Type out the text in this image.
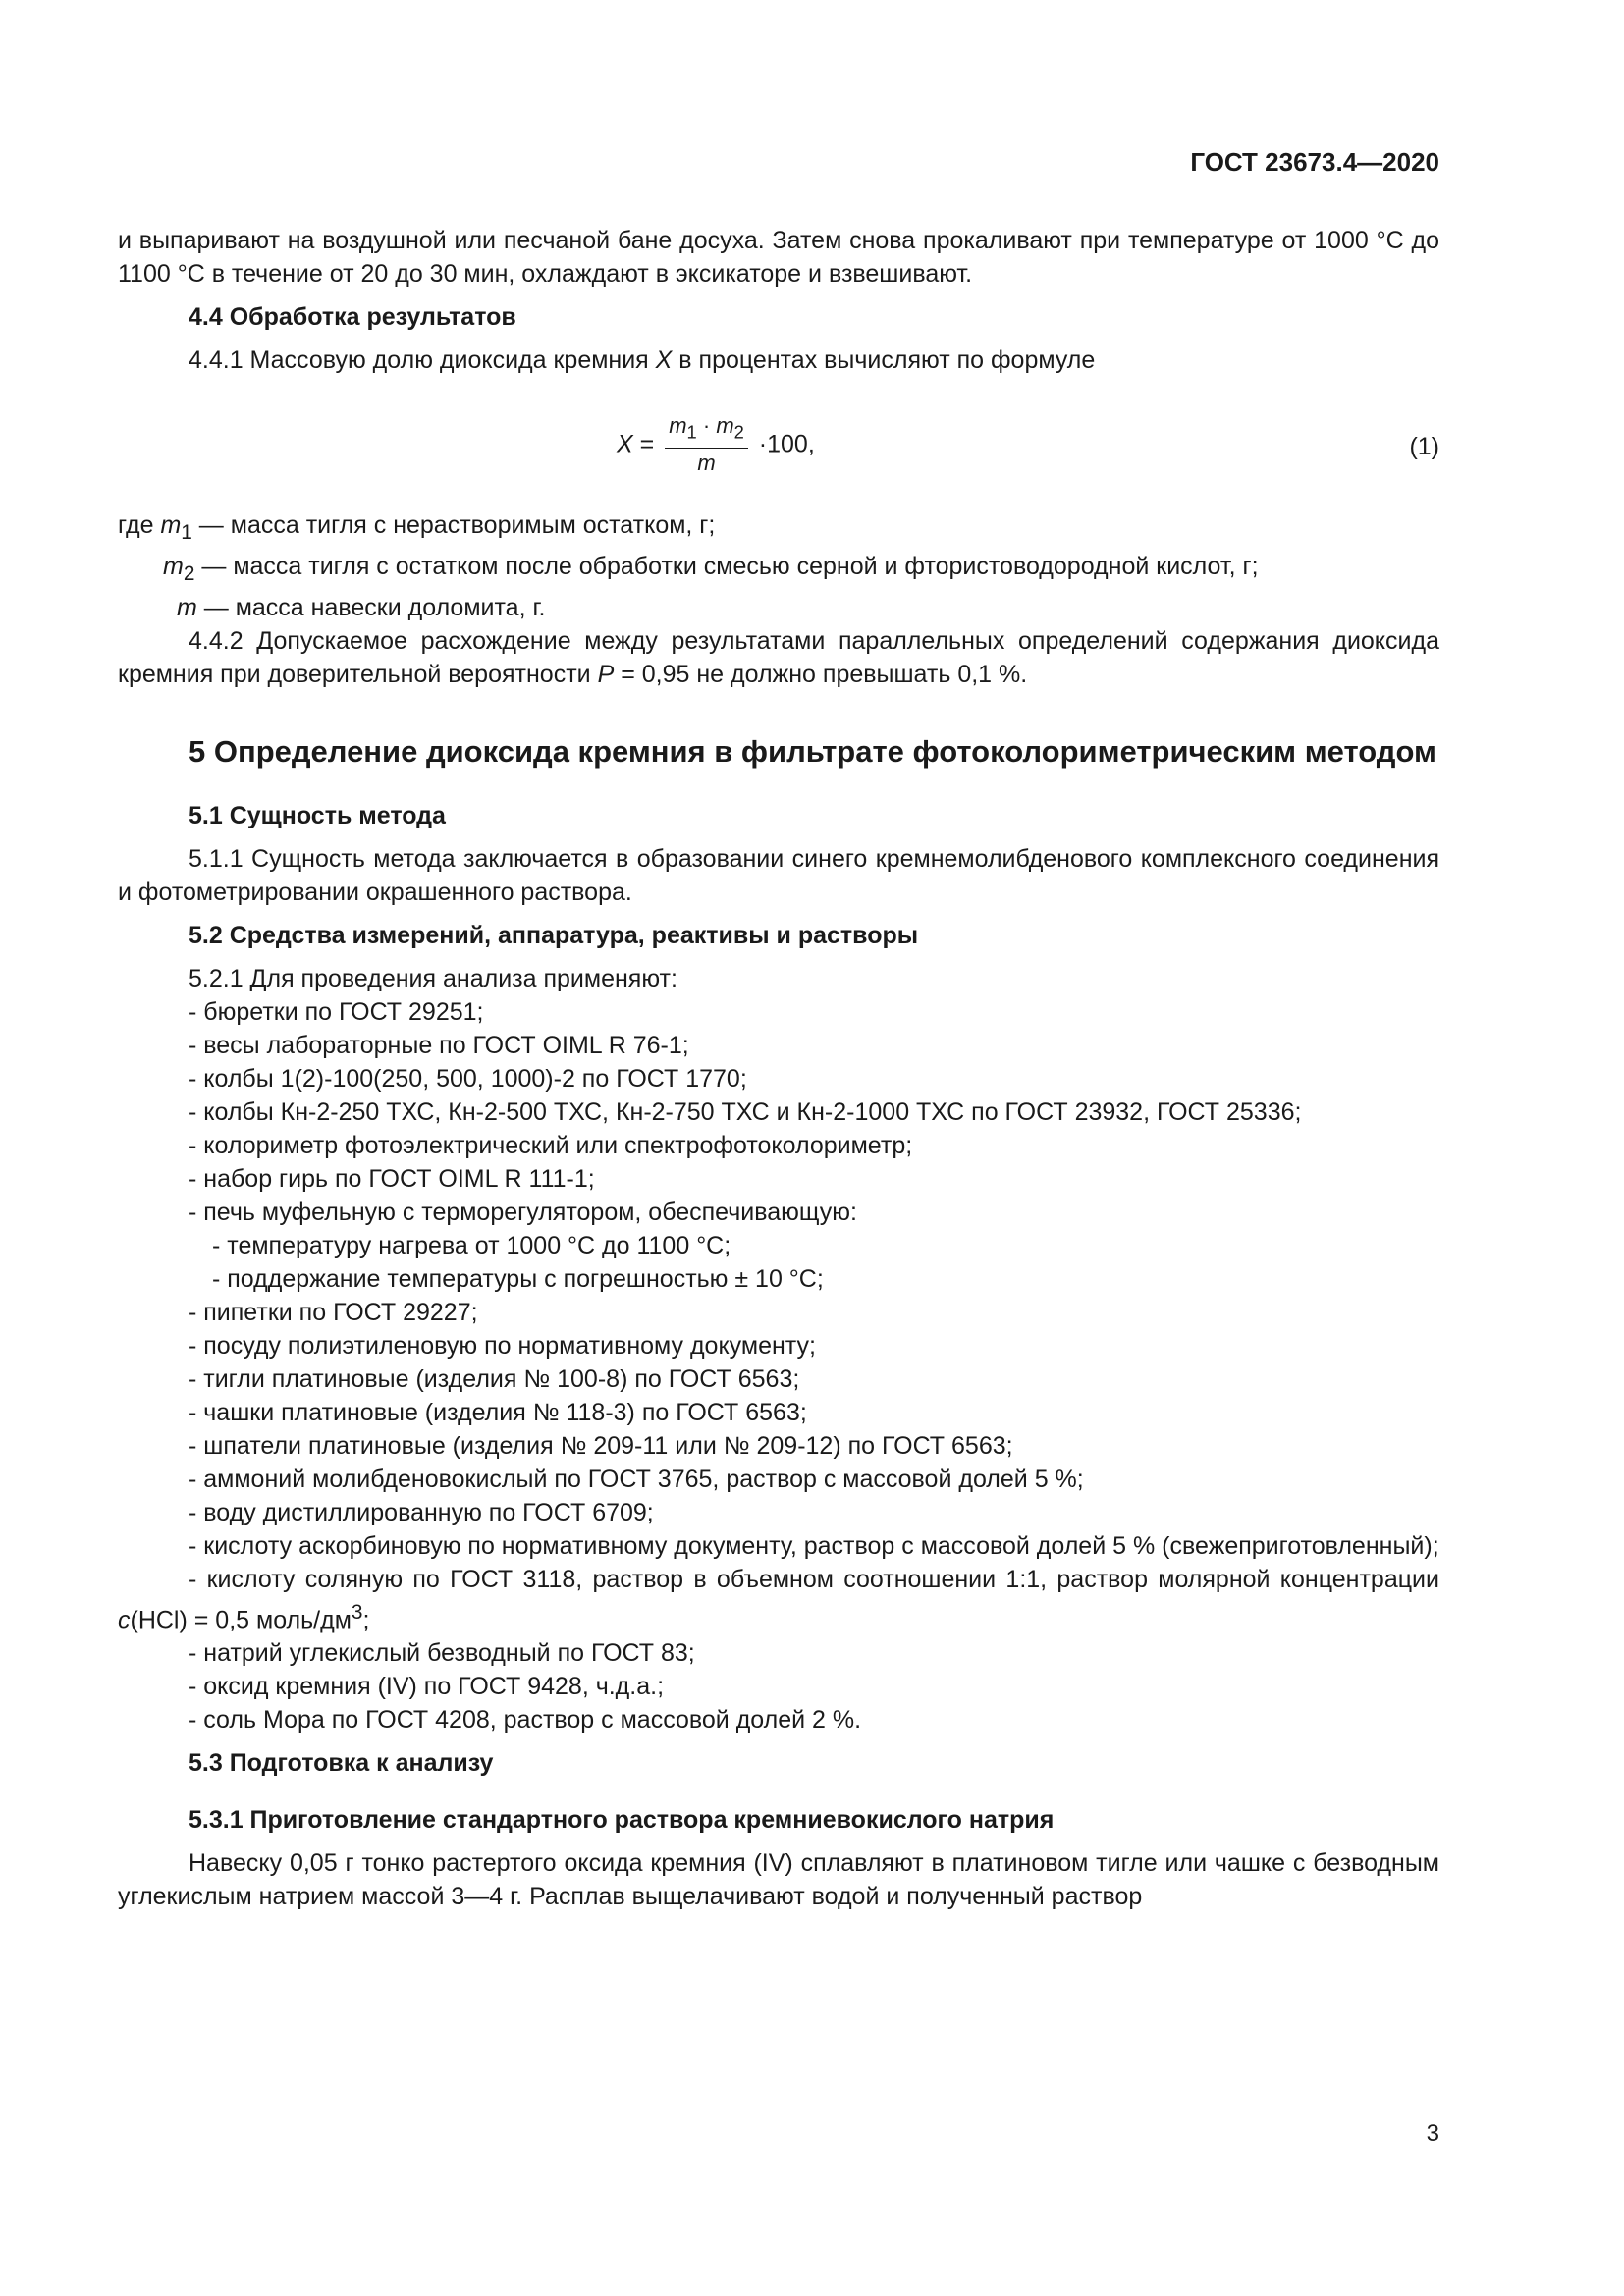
ГОСТ 23673.4—2020

и выпаривают на воздушной или песчаной бане досуха. Затем снова прокаливают при температуре от 1000 °С до 1100 °С в течение от 20 до 30 мин, охлаждают в эксикаторе и взвешивают.

4.4 Обработка результатов

4.4.1 Массовую долю диоксида кремния X в процентах вычисляют по формуле

$X = \frac{m_1 \cdot m_2}{m} \cdot 100$,	(1)

где $m_1$ — масса тигля с нерастворимым остатком, г;

$m_2$ — масса тигля с остатком после обработки смесью серной и фтористоводородной кислот, г;

m — масса навески доломита, г.

4.4.2 Допускаемое расхождение между результатами параллельных определений содержания диоксида кремния при доверительной вероятности P = 0,95 не должно превышать 0,1 %.

5 Определение диоксида кремния в фильтрате фотоколориметрическим методом

5.1 Сущность метода

5.1.1 Сущность метода заключается в образовании синего кремнемолибденового комплексного соединения и фотометрировании окрашенного раствора.

5.2 Средства измерений, аппаратура, реактивы и растворы

5.2.1 Для проведения анализа применяют:

- бюретки по ГОСТ 29251;
- весы лабораторные по ГОСТ OIML R 76-1;
- колбы 1(2)-100(250, 500, 1000)-2 по ГОСТ 1770;
- колбы Кн-2-250 ТХС, Кн-2-500 ТХС, Кн-2-750 ТХС и Кн-2-1000 ТХС по ГОСТ 23932, ГОСТ 25336;
- колориметр фотоэлектрический или спектрофотоколориметр;
- набор гирь по ГОСТ OIML R 111-1;
- печь муфельную с терморегулятором, обеспечивающую:
- температуру нагрева от 1000 °С до 1100 °С;
- поддержание температуры с погрешностью ± 10 °С;
- пипетки по ГОСТ 29227;
- посуду полиэтиленовую по нормативному документу;
- тигли платиновые (изделия № 100-8) по ГОСТ 6563;
- чашки платиновые (изделия № 118-3) по ГОСТ 6563;
- шпатели платиновые (изделия № 209-11 или № 209-12) по ГОСТ 6563;
- аммоний молибденовокислый по ГОСТ 3765, раствор с массовой долей 5 %;
- воду дистиллированную по ГОСТ 6709;

- кислоту аскорбиновую по нормативному документу, раствор с массовой долей 5 % (свежеприготовленный);

- кислоту соляную по ГОСТ 3118, раствор в объемном соотношении 1:1, раствор молярной концентрации c(HCl) = 0,5 моль/$дм^3$;

- натрий углекислый безводный по ГОСТ 83;
- оксид кремния (IV) по ГОСТ 9428, ч.д.а.;
- соль Мора по ГОСТ 4208, раствор с массовой долей 2 %.

5.3 Подготовка к анализу

5.3.1 Приготовление стандартного раствора кремниевокислого натрия

Навеску 0,05 г тонко растертого оксида кремния (IV) сплавляют в платиновом тигле или чашке с безводным углекислым натрием массой 3—4 г. Расплав выщелачивают водой и полученный раствор

3
